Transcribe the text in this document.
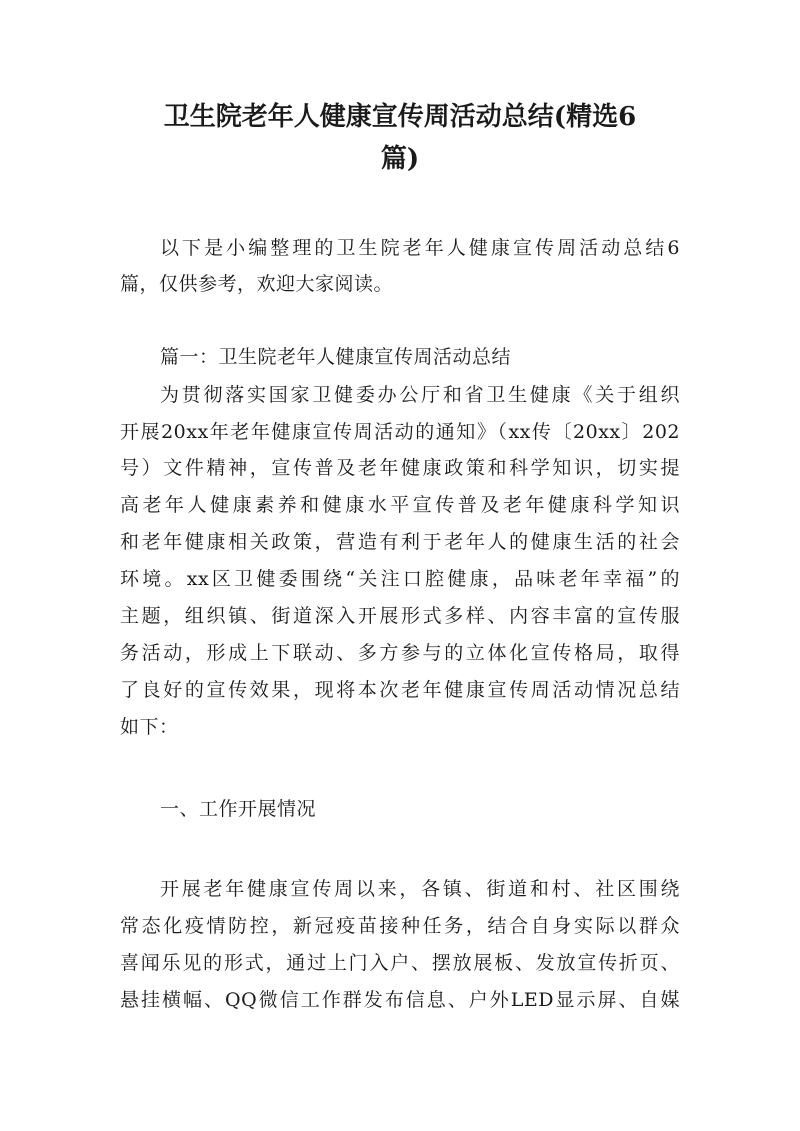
卫生院老年人健康宣传周活动总结(精选6
篇)
以下是小编整理的卫生院老年人健康宣传周活动总结6
篇，仅供参考，欢迎大家阅读。
篇一：卫生院老年人健康宣传周活动总结
为贯彻落实国家卫健委办公厅和省卫生健康《关于组织
开展20xx年老年健康宣传周活动的通知》（xx传〔20xx〕202
号）文件精神，宣传普及老年健康政策和科学知识，切实提
高老年人健康素养和健康水平宣传普及老年健康科学知识
和老年健康相关政策，营造有利于老年人的健康生活的社会
环境。xx区卫健委围绕“关注口腔健康，品味老年幸福”的
主题，组织镇、街道深入开展形式多样、内容丰富的宣传服
务活动，形成上下联动、多方参与的立体化宣传格局，取得
了良好的宣传效果，现将本次老年健康宣传周活动情况总结
如下：
一、工作开展情况
开展老年健康宣传周以来，各镇、街道和村、社区围绕
常态化疫情防控，新冠疫苗接种任务，结合自身实际以群众
喜闻乐见的形式，通过上门入户、摆放展板、发放宣传折页、
悬挂横幅、QQ微信工作群发布信息、户外LED显示屏、自媒
